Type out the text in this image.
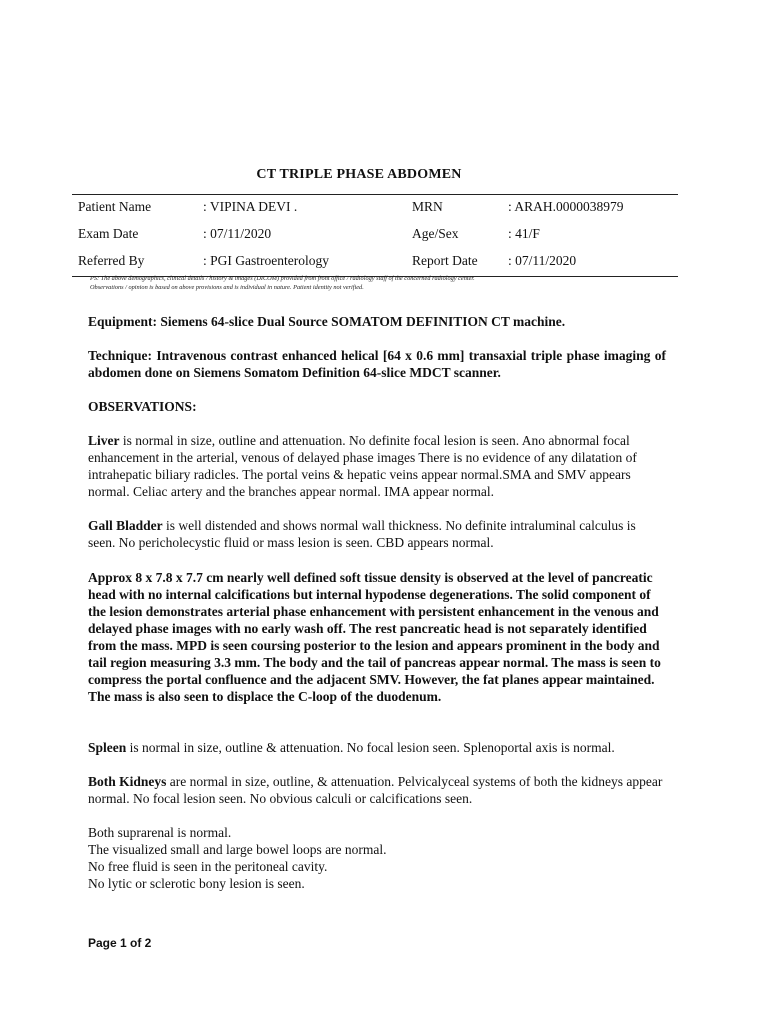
CT TRIPLE PHASE ABDOMEN
Patient Name	: VIPINA DEVI .	MRN	: ARAH.0000038979
Exam Date	: 07/11/2020	Age/Sex	: 41/F
Referred By	: PGI Gastroenterology	Report Date : 07/11/2020
PS: The above demographics, clinical details / history & images (DICOM) provided from front office / radiology staff of the concerned radiology center.
Observations / opinion is based on above provisions and is individual in nature. Patient identity not verified.

Equipment: Siemens 64-slice Dual Source SOMATOM DEFINITION CT machine.

Technique: Intravenous contrast enhanced helical [64 x 0.6 mm] transaxial triple phase imaging of abdomen done on Siemens Somatom Definition 64-slice MDCT scanner.

OBSERVATIONS:

Liver is normal in size, outline and attenuation. No definite focal lesion is seen. Ano abnormal focal enhancement in the arterial, venous of delayed phase images There is no evidence of any dilatation of intrahepatic biliary radicles. The portal veins & hepatic veins appear normal.SMA and SMV appears normal. Celiac artery and the branches appear normal. IMA appear normal.

Gall Bladder is well distended and shows normal wall thickness. No definite intraluminal calculus is seen. No pericholecystic fluid or mass lesion is seen. CBD appears normal.

Approx 8 x 7.8 x 7.7 cm nearly well defined soft tissue density is observed at the level of pancreatic head with no internal calcifications but internal hypodense degenerations. The solid component of the lesion demonstrates arterial phase enhancement with persistent enhancement in the venous and delayed phase images with no early wash off. The rest pancreatic head is not separately identified from the mass. MPD is seen coursing posterior to the lesion and appears prominent in the body and tail region measuring 3.3 mm. The body and the tail of pancreas appear normal. The mass is seen to compress the portal confluence and the adjacent SMV. However, the fat planes appear maintained. The mass is also seen to displace the C-loop of the duodenum.

Spleen is normal in size, outline & attenuation. No focal lesion seen. Splenoportal axis is normal.

Both Kidneys are normal in size, outline, & attenuation. Pelvicalyceal systems of both the kidneys appear normal. No focal lesion seen. No obvious calculi or calcifications seen.

Both suprarenal is normal.
The visualized small and large bowel loops are normal.
No free fluid is seen in the peritoneal cavity.
No lytic or sclerotic bony lesion is seen.
Page 1 of 2
